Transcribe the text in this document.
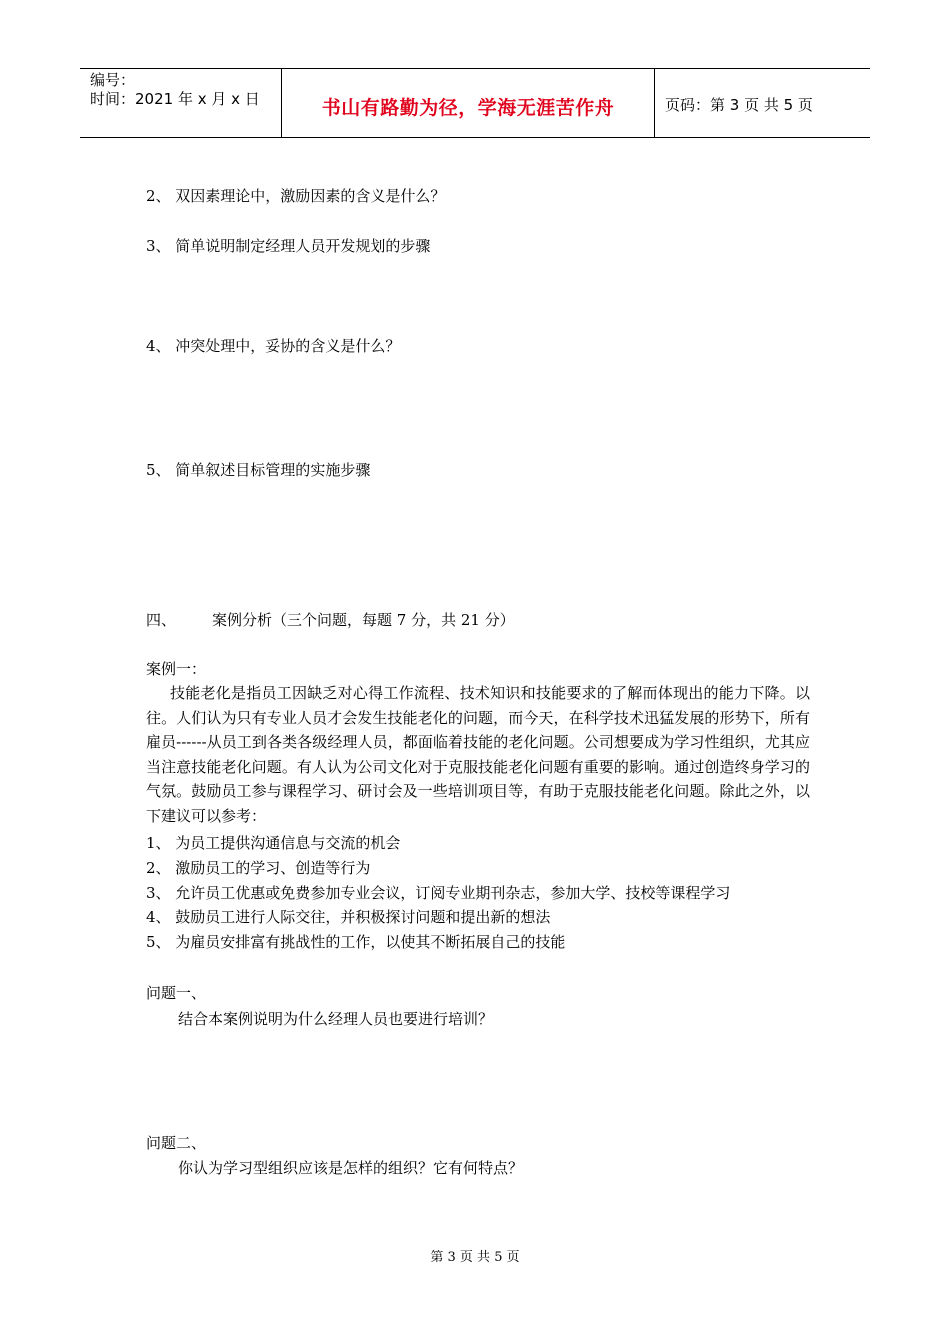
编号：
时间：2021 年 x 月 x 日	书山有路勤为径，学海无涯苦作舟	页码：第 3 页 共 5 页
2、 双因素理论中，激励因素的含义是什么？
3、 简单说明制定经理人员开发规划的步骤
4、 冲突处理中，妥协的含义是什么？
5、 简单叙述目标管理的实施步骤
四、 案例分析（三个问题，每题 7 分，共 21 分）
案例一：
技能老化是指员工因缺乏对心得工作流程、技术知识和技能要求的了解而体现出的能力下降。以往。人们认为只有专业人员才会发生技能老化的问题，而今天，在科学技术迅猛发展的形势下，所有雇员------从员工到各类各级经理人员，都面临着技能的老化问题。公司想要成为学习性组织，尤其应当注意技能老化问题。有人认为公司文化对于克服技能老化问题有重要的影响。通过创造终身学习的气氛。鼓励员工参与课程学习、研讨会及一些培训项目等，有助于克服技能老化问题。除此之外，以下建议可以参考：
1、 为员工提供沟通信息与交流的机会
2、 激励员工的学习、创造等行为
3、 允许员工优惠或免费参加专业会议，订阅专业期刊杂志，参加大学、技校等课程学习
4、 鼓励员工进行人际交往，并积极探讨问题和提出新的想法
5、 为雇员安排富有挑战性的工作，以使其不断拓展自己的技能
问题一、
结合本案例说明为什么经理人员也要进行培训？
问题二、
你认为学习型组织应该是怎样的组织？它有何特点？
第 3 页 共 5 页
